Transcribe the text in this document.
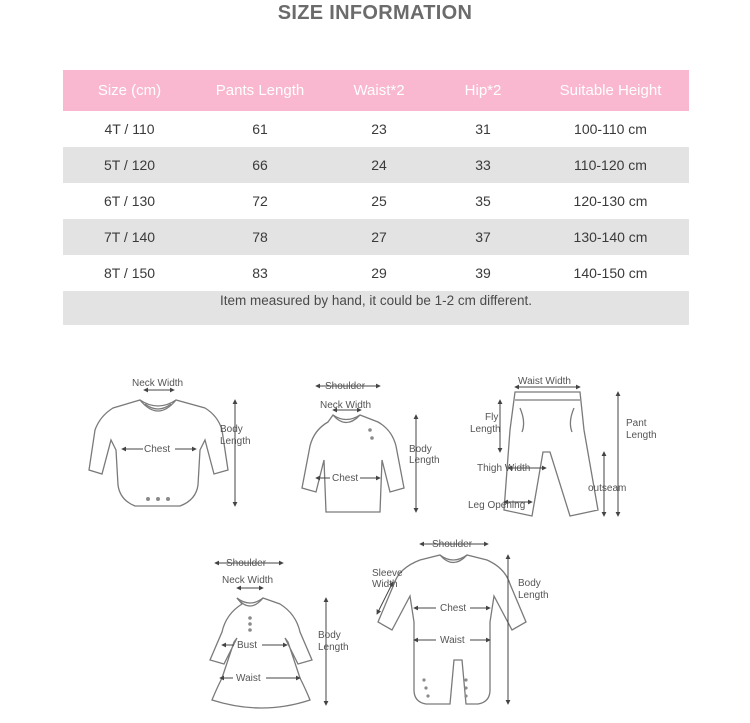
SIZE INFORMATION
Size (cm)	Pants Length	Waist*2	Hip*2	Suitable Height
4T / 110	61	23	31	100-110 cm
5T / 120	66	24	33	110-120 cm
6T / 130	72	25	35	120-130 cm
7T / 140	78	27	37	130-140 cm
8T / 150	83	29	39	140-150 cm
Item measured by hand, it could be 1-2 cm different.
Neck Width
Chest
Body
Length
Shoulder
Neck Width
Chest
Body
Length
Waist Width
Fly
Length
Pant
Length
Thigh Width
outseam
Leg Opening
Shoulder
Neck Width
Bust
Waist
Body
Length
Shoulder
Sleeve
Width
Chest
Waist
Body
Length
